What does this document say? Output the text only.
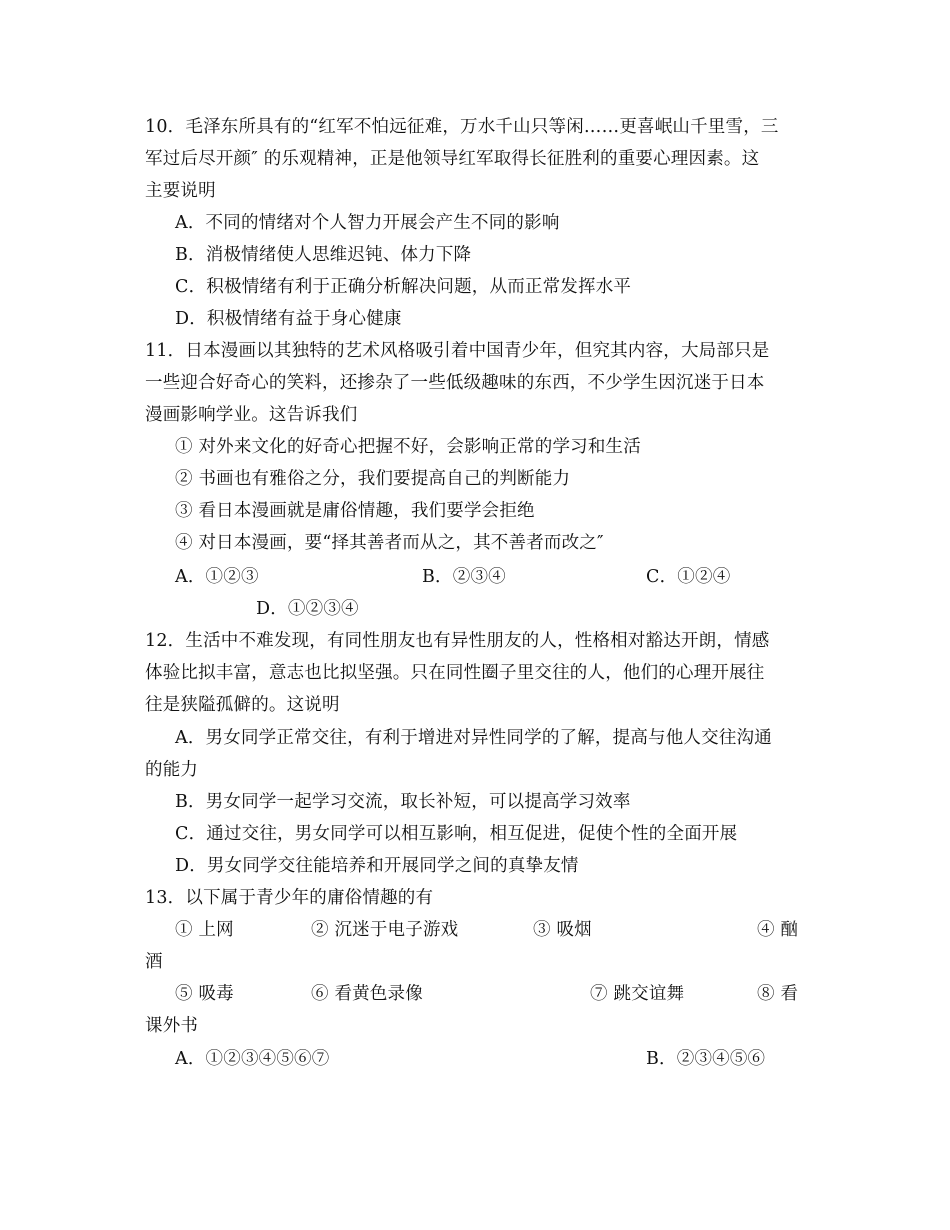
10．毛泽东所具有的“红军不怕远征难，万水千山只等闲……更喜岷山千里雪，三
军过后尽开颜″ 的乐观精神，正是他领导红军取得长征胜利的重要心理因素。这
主要说明
A．不同的情绪对个人智力开展会产生不同的影响
B．消极情绪使人思维迟钝、体力下降
C．积极情绪有利于正确分析解决问题，从而正常发挥水平
D．积极情绪有益于身心健康
11．日本漫画以其独特的艺术风格吸引着中国青少年，但究其内容，大局部只是
一些迎合好奇心的笑料，还掺杂了一些低级趣味的东西，不少学生因沉迷于日本
漫画影响学业。这告诉我们
① 对外来文化的好奇心把握不好，会影响正常的学习和生活
② 书画也有雅俗之分，我们要提高自己的判断能力
③ 看日本漫画就是庸俗情趣，我们要学会拒绝
④ 对日本漫画，要“择其善者而从之，其不善者而改之″
A．①②③	B．②③④	C．①②④
D．①②③④
12．生活中不难发现，有同性朋友也有异性朋友的人，性格相对豁达开朗，情感
体验比拟丰富，意志也比拟坚强。只在同性圈子里交往的人，他们的心理开展往
往是狭隘孤僻的。这说明
A．男女同学正常交往，有利于增进对异性同学的了解，提高与他人交往沟通
的能力
B．男女同学一起学习交流，取长补短，可以提高学习效率
C．通过交往，男女同学可以相互影响，相互促进，促使个性的全面开展
D．男女同学交往能培养和开展同学之间的真挚友情
13．以下属于青少年的庸俗情趣的有
① 上网	② 沉迷于电子游戏	③ 吸烟	④ 酗
酒
⑤ 吸毒	⑥ 看黄色录像	⑦ 跳交谊舞	⑧ 看
课外书
A．①②③④⑤⑥⑦	B．②③④⑤⑥
